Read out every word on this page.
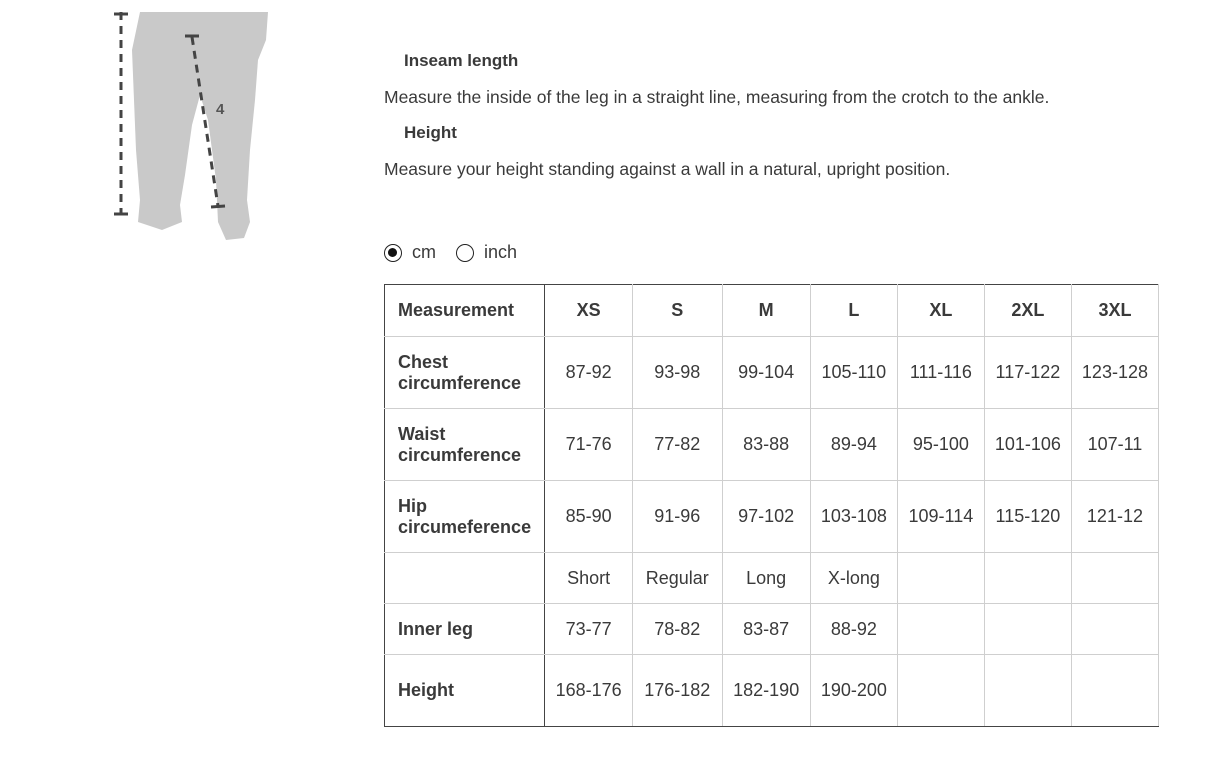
4
Inseam length
Measure the inside of the leg in a straight line, measuring from the crotch to the ankle.
Height
Measure your height standing against a wall in a natural, upright position.
cm	inch
Measurement	XS	S	M	L	XL	2XL	3XL
Chest circumference	87-92	93-98	99-104	105-110	111-116	117-122	123-128
Waist circumference	71-76	77-82	83-88	89-94	95-100	101-106	107-11
Hip circumeference	85-90	91-96	97-102	103-108	109-114	115-120	121-12
	Short	Regular	Long	X-long			
Inner leg	73-77	78-82	83-87	88-92			
Height	168-176	176-182	182-190	190-200			
